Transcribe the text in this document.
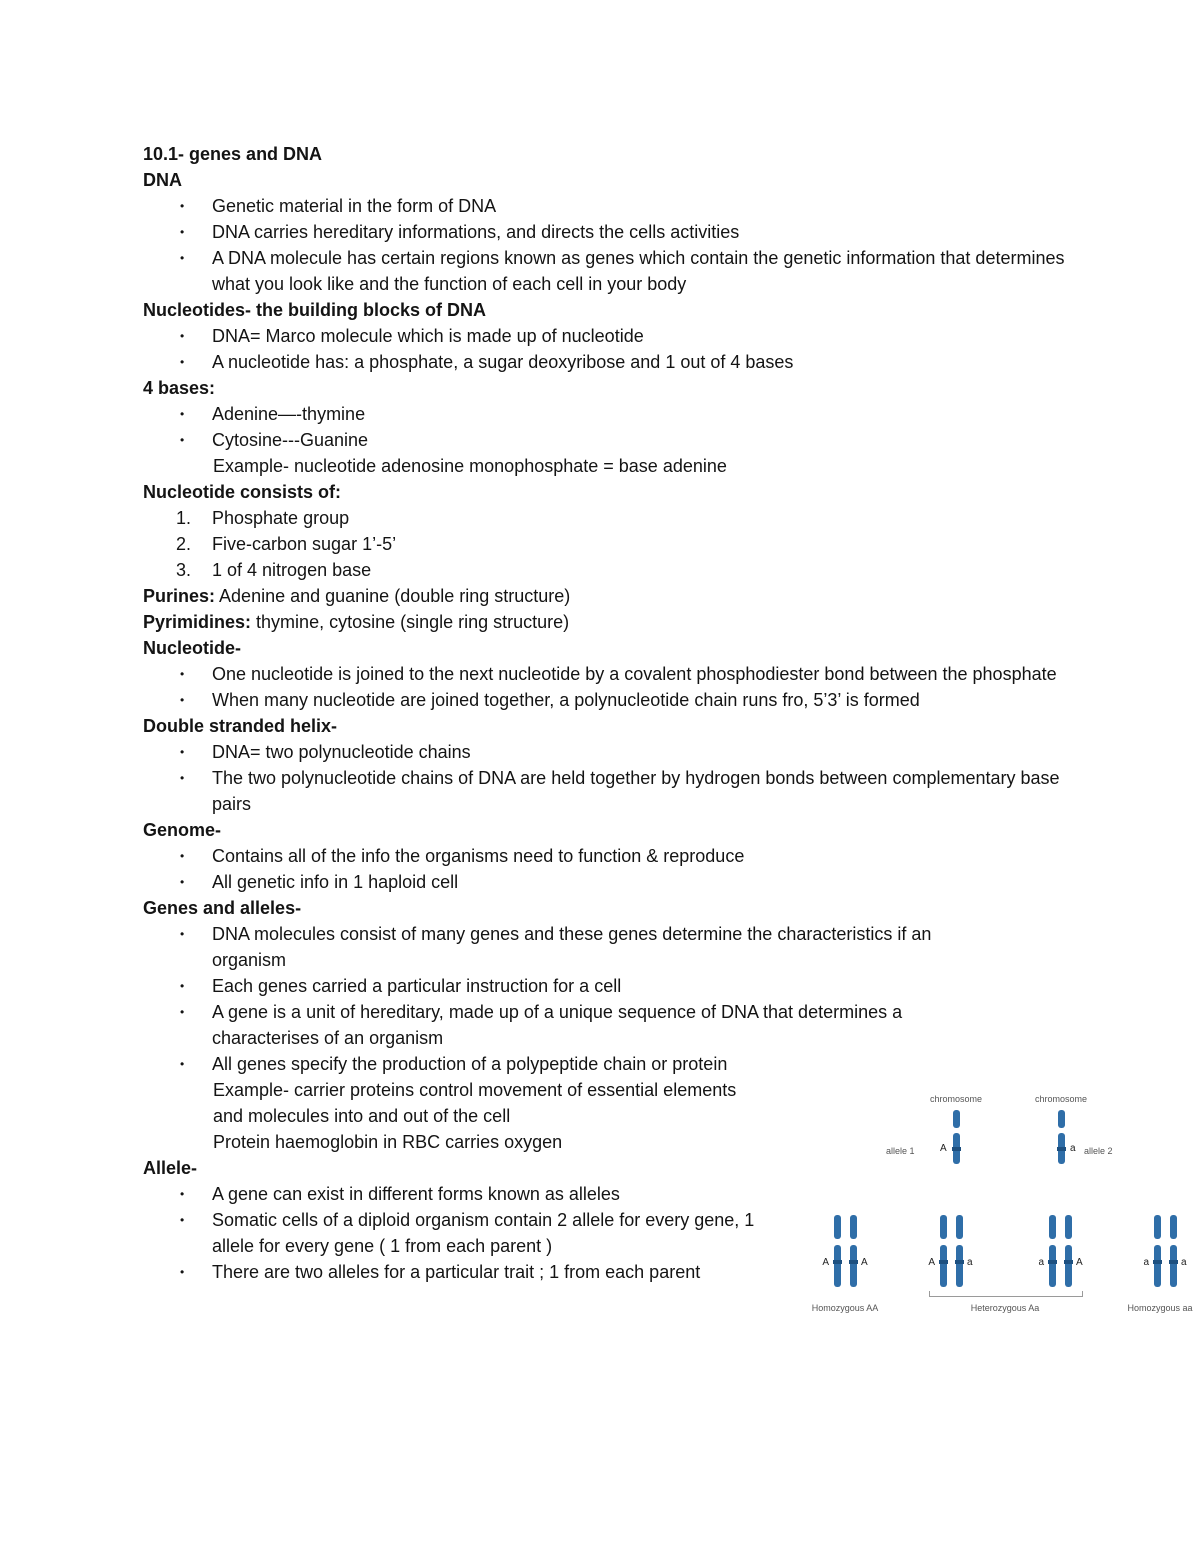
10.1- genes and DNA
DNA
•	Genetic material in the form of DNA
•	DNA carries hereditary informations, and directs the cells activities
•	A DNA molecule has certain regions known as genes which contain the genetic information that determines what you look like and the function of each cell in your body
Nucleotides- the building blocks of DNA
•	DNA= Marco molecule which is made up of nucleotide
•	A nucleotide has: a phosphate, a sugar deoxyribose and 1 out of 4 bases
4 bases:
•	Adenine—-thymine
•	Cytosine---Guanine
Example- nucleotide adenosine monophosphate = base adenine
Nucleotide consists of:
1.	Phosphate group
2.	Five-carbon sugar 1’-5’
3.	1 of 4 nitrogen base
Purines: Adenine and guanine (double ring structure)
Pyrimidines: thymine, cytosine (single ring structure)
Nucleotide-
•	One nucleotide is joined to the next nucleotide by a covalent phosphodiester bond between the phosphate
•	When many nucleotide are joined together, a polynucleotide chain runs fro, 5’3’ is formed
Double stranded helix-
•	DNA= two polynucleotide chains
•	The two polynucleotide chains of DNA are held together by hydrogen bonds between complementary base pairs
Genome-
•	Contains all of the info the organisms need to function & reproduce
•	All genetic info in 1 haploid cell
Genes and alleles-
•	DNA molecules consist of many genes and these genes determine the characteristics if an organism
•	Each genes carried a particular instruction for a cell
•	A gene is a unit of hereditary, made up of a unique sequence of DNA that determines a characterises of an organism
•	All genes specify the production of a polypeptide chain or protein
Example- carrier proteins control movement of essential elements
and molecules into and out of the cell
Protein haemoglobin in RBC carries oxygen
Allele-
•	A gene can exist in different forms known as alleles
•	Somatic cells of a diploid organism contain 2 allele for every gene, 1 allele for every gene ( 1 from each parent )
•	There are two alleles for a particular trait ; 1 from each parent
chromosome
A
allele 1
chromosome
a allele 2
A	A	A	a	a	A	a	a
Homozygous AA	Heterozygous Aa	Homozygous aa
